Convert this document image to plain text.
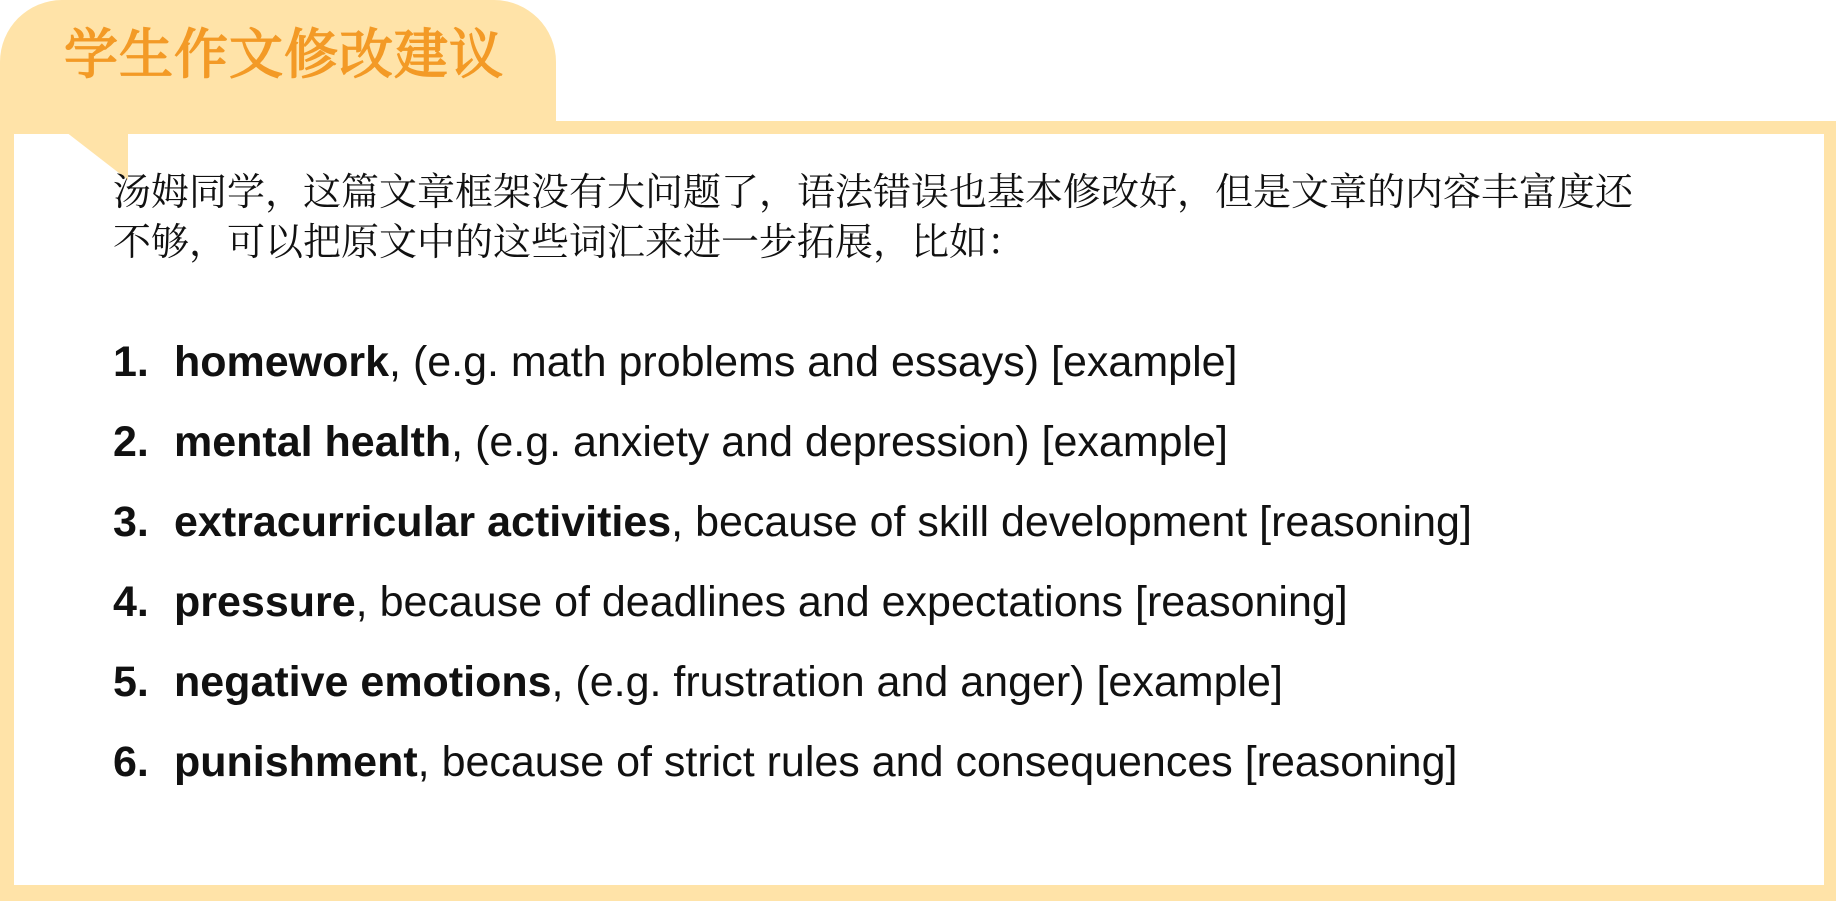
学生作文修改建议

汤姆同学，这篇文章框架没有大问题了，语法错误也基本修改好，但是文章的内容丰富度还
不够，可以把原文中的这些词汇来进一步拓展，比如：

1. homework , (e.g. math problems and essays) [example]
2. mental health , (e.g. anxiety and depression) [example]
3. extracurricular activities , because of skill development [reasoning]
4. pressure , because of deadlines and expectations [reasoning]
5. negative emotions , (e.g. frustration and anger) [example]
6. punishment , because of strict rules and consequences [reasoning]
